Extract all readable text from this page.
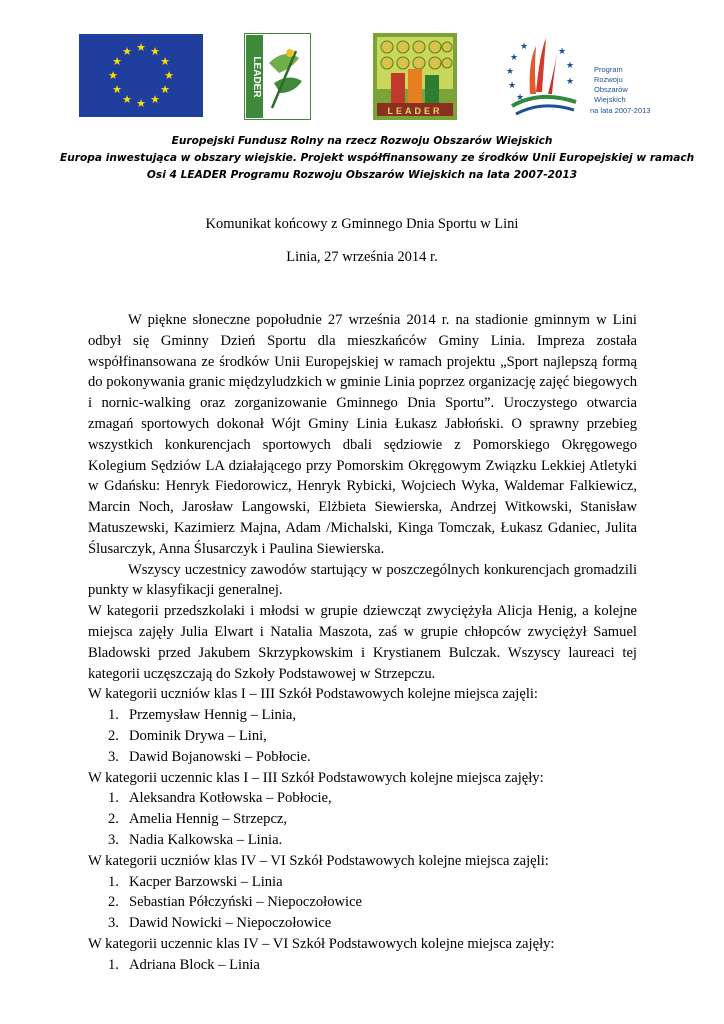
★ ★
★
★
★
★
★
★
★
★
★
★
LEADER
LEADER
★
★
★
★
★
★
★
★
Program
Rozwoju
Obszarów
Wiejskich
na lata 2007-2013
Europejski Fundusz Rolny na rzecz Rozwoju Obszarów Wiejskich
Europa inwestująca w obszary wiejskie. Projekt współfinansowany ze środków Unii Europejskiej w ramach
Osi 4 LEADER Programu Rozwoju Obszarów Wiejskich na lata 2007-2013
Komunikat końcowy z Gminnego Dnia Sportu w Lini
Linia, 27 września 2014 r.

W piękne słoneczne popołudnie 27 września 2014 r. na stadionie gminnym w Lini odbył się Gminny Dzień Sportu dla mieszkańców Gminy Linia. Impreza została współfinansowana ze środków Unii Europejskiej w ramach projektu „Sport najlepszą formą do pokonywania granic międzyludzkich w gminie Linia poprzez organizację zajęć biegowych i nornic-walking oraz zorganizowanie Gminnego Dnia Sportu”. Uroczystego otwarcia zmagań sportowych dokonał Wójt Gminy Linia Łukasz Jabłoński. O sprawny przebieg wszystkich konkurencjach sportowych dbali sędziowie z Pomorskiego Okręgowego Kolegium Sędziów LA działającego przy Pomorskim Okręgowym Związku Lekkiej Atletyki w Gdańsku: Henryk Fiedorowicz, Henryk Rybicki, Wojciech Wyka, Waldemar Falkiewicz, Marcin Noch, Jarosław Langowski, Elżbieta Siewierska, Andrzej Witkowski, Stanisław Matuszewski, Kazimierz Majna, Adam /Michalski, Kinga Tomczak, Łukasz Gdaniec, Julita Ślusarczyk, Anna Ślusarczyk i Paulina Siewierska.

Wszyscy uczestnicy zawodów startujący w poszczególnych konkurencjach gromadzili punkty w klasyfikacji generalnej.

W kategorii przedszkolaki i młodsi w grupie dziewcząt zwyciężyła Alicja Henig, a kolejne miejsca zajęły Julia Elwart i Natalia Maszota, zaś w grupie chłopców zwyciężył Samuel Bladowski przed Jakubem Skrzypkowskim i Krystianem Bulczak. Wszyscy laureaci tej kategorii uczęszczają do Szkoły Podstawowej w Strzepczu.

W kategorii uczniów klas I – III Szkół Podstawowych kolejne miejsca zajęli:

1. Przemysław Hennig – Linia,
2. Dominik Drywa – Lini,
3. Dawid Bojanowski – Pobłocie.

W kategorii uczennic klas I – III Szkół Podstawowych kolejne miejsca zajęły:

1. Aleksandra Kotłowska – Pobłocie,
2. Amelia Hennig – Strzepcz,
3. Nadia Kalkowska – Linia.

W kategorii uczniów klas IV – VI Szkół Podstawowych kolejne miejsca zajęli:

1. Kacper Barzowski – Linia
2. Sebastian Półczyński – Niepoczołowice
3. Dawid Nowicki – Niepoczołowice

W kategorii uczennic klas IV – VI Szkół Podstawowych kolejne miejsca zajęły:

1. Adriana Block – Linia
